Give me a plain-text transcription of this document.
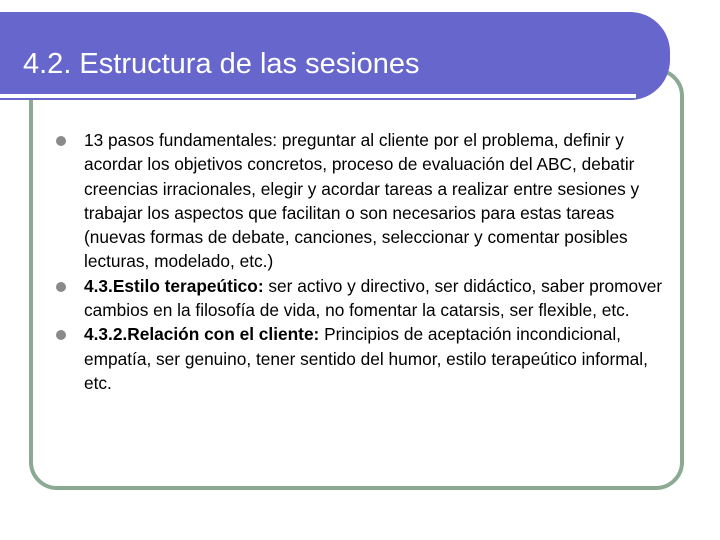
4.2. Estructura de las sesiones
13 pasos fundamentales: preguntar al cliente por el problema, definir y acordar los objetivos concretos, proceso de evaluación del ABC, debatir creencias irracionales, elegir y acordar tareas a realizar entre sesiones y trabajar los aspectos que facilitan o son necesarios para estas tareas (nuevas formas de debate, canciones, seleccionar y comentar posibles lecturas, modelado, etc.)
4.3.Estilo terapeútico: ser activo y directivo, ser didáctico, saber promover cambios en la filosofía de vida, no fomentar la catarsis, ser flexible, etc.
4.3.2.Relación con el cliente: Principios de aceptación incondicional, empatía, ser genuino, tener sentido del humor, estilo terapeútico informal, etc.
